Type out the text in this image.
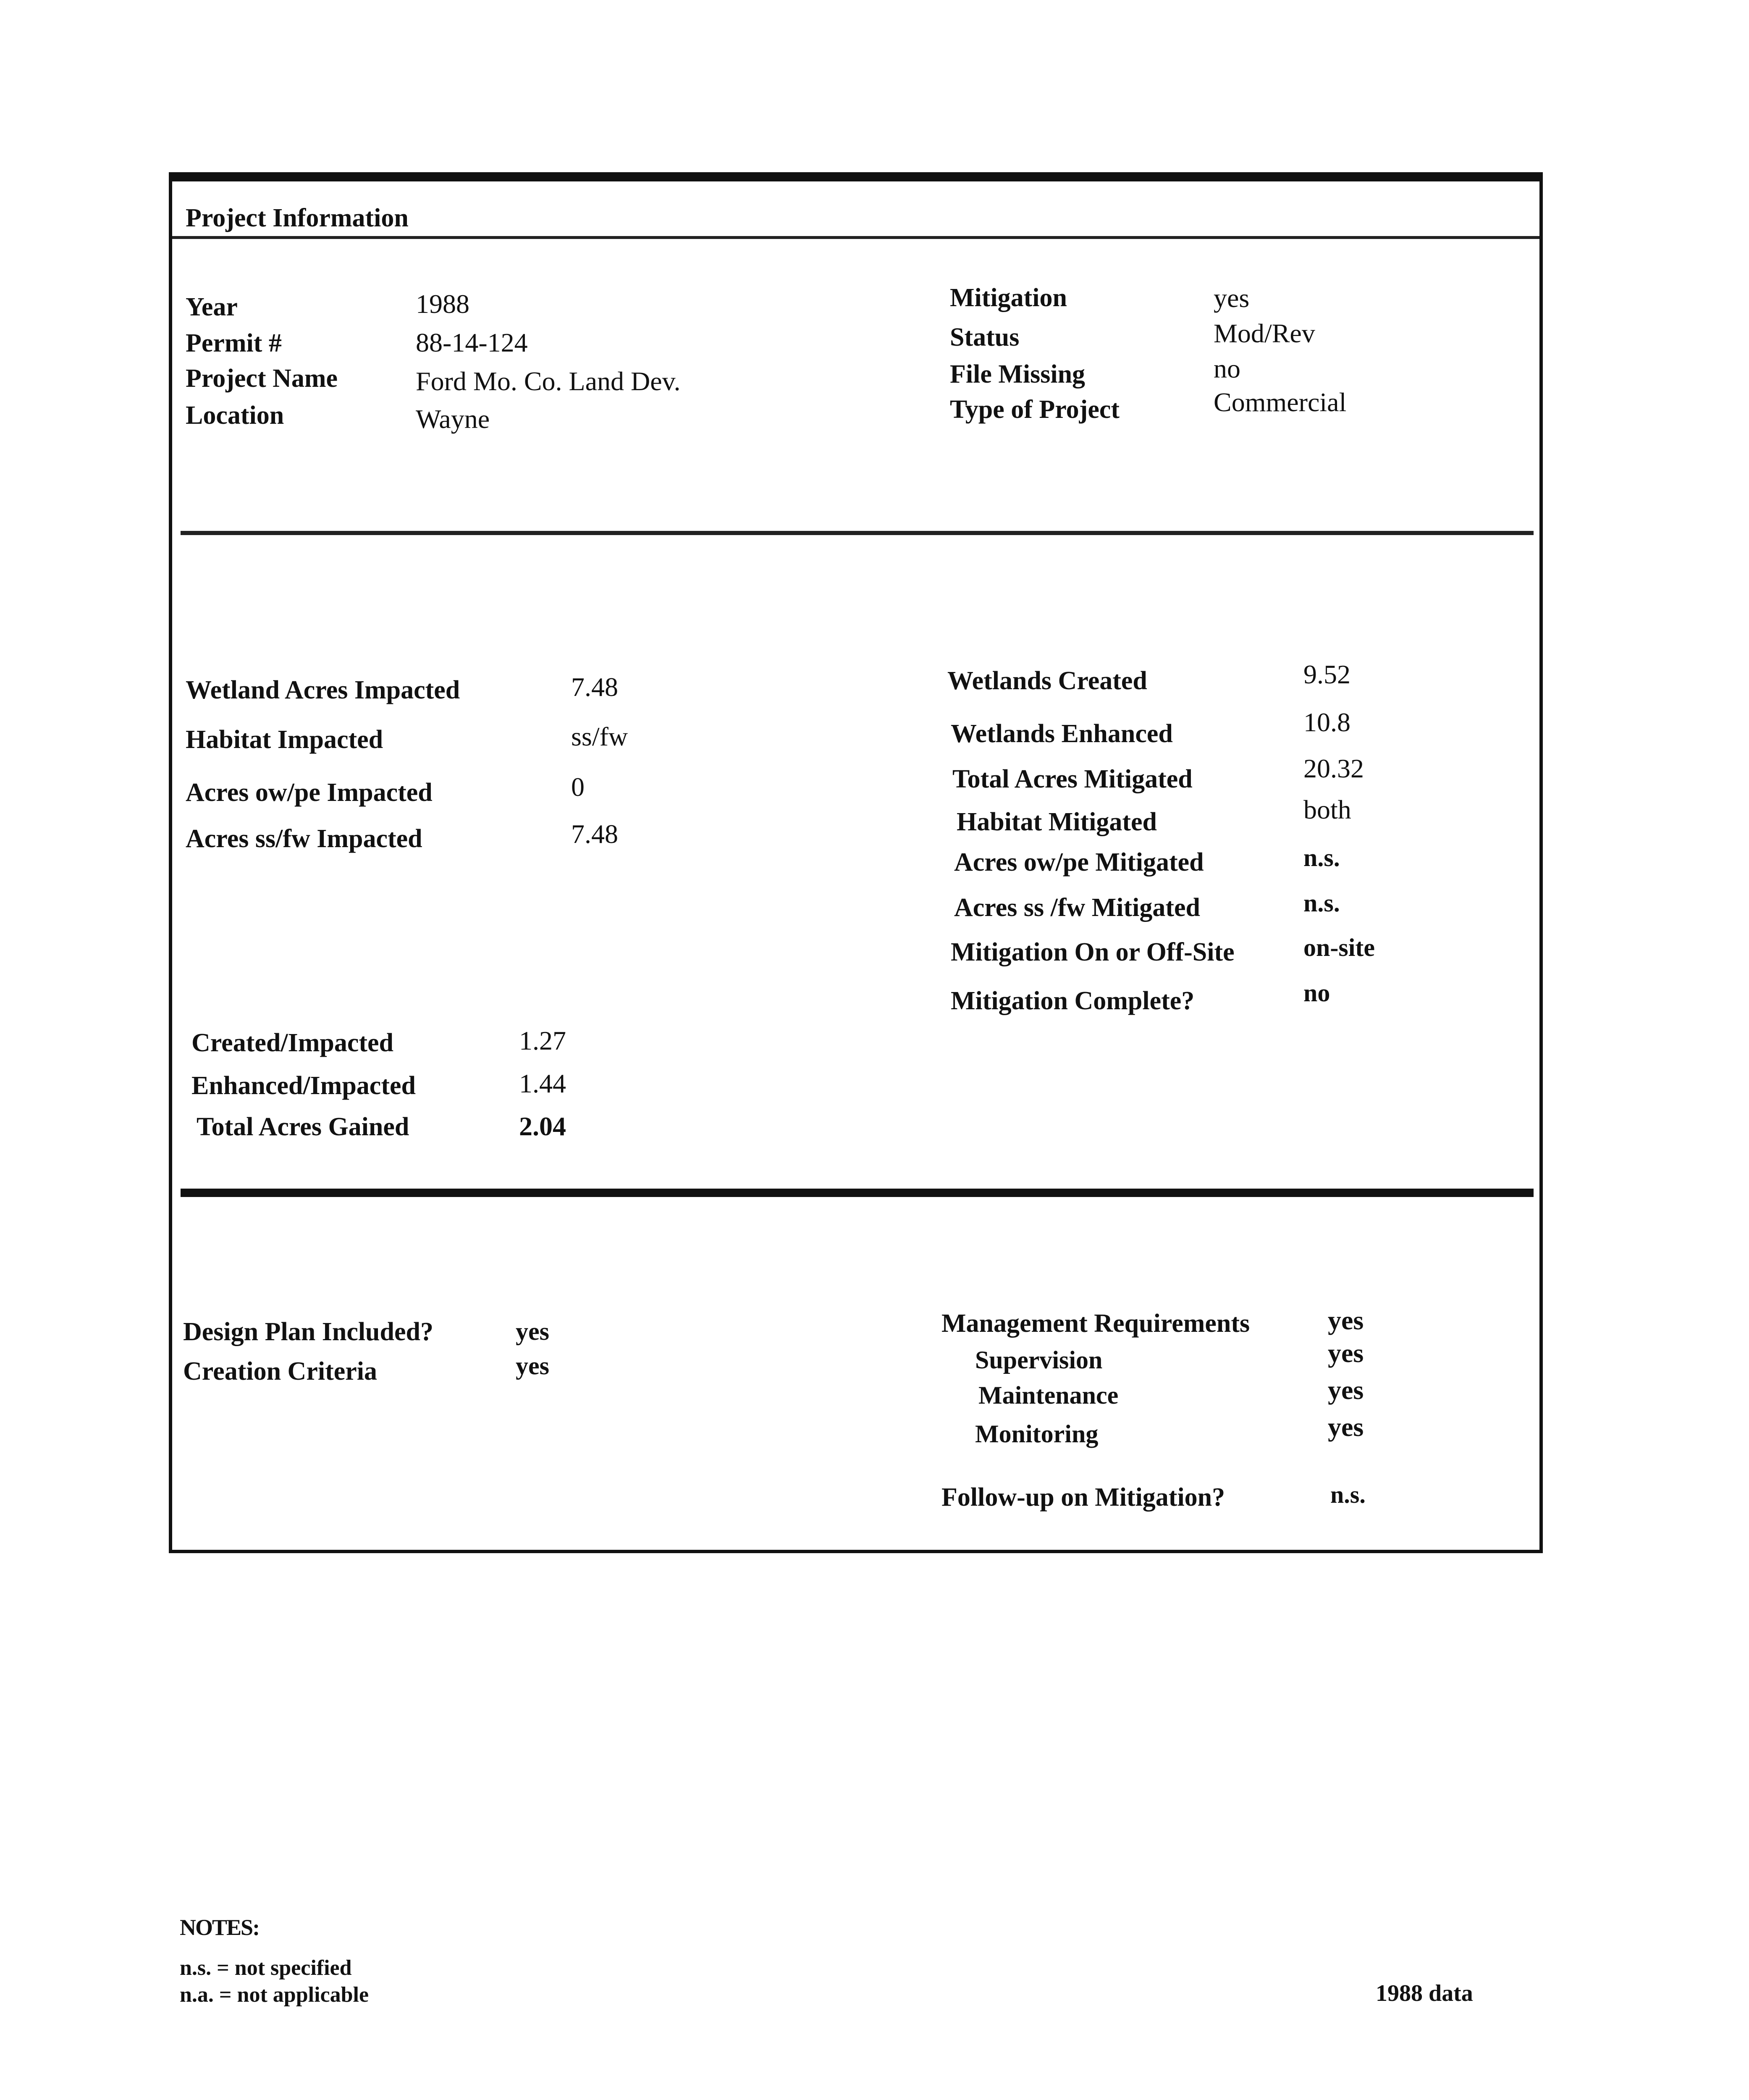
Project Information
Year	1988
Permit #	88-14-124
Project Name	Ford Mo. Co. Land Dev.
Location	Wayne
Mitigation	yes
Status	Mod/Rev
File Missing	no
Type of Project	Commercial
Wetland Acres Impacted	7.48
Habitat Impacted	ss/fw
Acres ow/pe Impacted	0
Acres ss/fw Impacted	7.48
Created/Impacted	1.27
Enhanced/Impacted	1.44
Total Acres Gained	2.04
Wetlands Created	9.52
Wetlands Enhanced	10.8
Total Acres Mitigated	20.32
Habitat Mitigated	both
Acres ow/pe Mitigated	n.s.
Acres ss /fw Mitigated	n.s.
Mitigation On or Off-Site	on-site
Mitigation Complete?	no
Design Plan Included?	yes
Creation Criteria	yes
Management Requirements	yes
Supervision	yes
Maintenance	yes
Monitoring	yes
Follow-up on Mitigation?	n.s.
NOTES:
n.s. = not specified
n.a. = not applicable	1988 data
